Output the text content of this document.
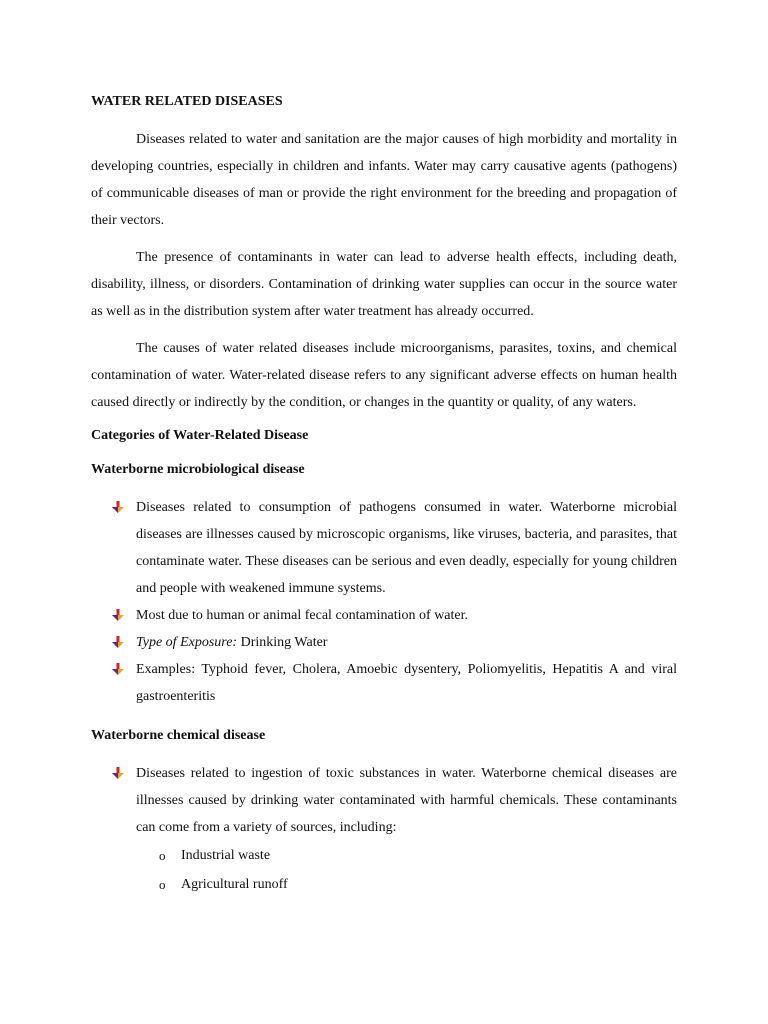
WATER RELATED DISEASES

Diseases related to water and sanitation are the major causes of high morbidity and mortality in developing countries, especially in children and infants. Water may carry causative agents (pathogens) of communicable diseases of man or provide the right environment for the breeding and propagation of their vectors.

The presence of contaminants in water can lead to adverse health effects, including death, disability, illness, or disorders. Contamination of drinking water supplies can occur in the source water as well as in the distribution system after water treatment has already occurred.

The causes of water related diseases include microorganisms, parasites, toxins, and chemical contamination of water. Water-related disease refers to any significant adverse effects on human health caused directly or indirectly by the condition, or changes in the quantity or quality, of any waters.

Categories of Water-Related Disease
Waterborne microbiological disease
Diseases related to consumption of pathogens consumed in water. Waterborne microbial diseases are illnesses caused by microscopic organisms, like viruses, bacteria, and parasites, that contaminate water. These diseases can be serious and even deadly, especially for young children and people with weakened immune systems.
Most due to human or animal fecal contamination of water.
Type of Exposure: Drinking Water
Examples: Typhoid fever, Cholera, Amoebic dysentery, Poliomyelitis, Hepatitis A and viral gastroenteritis
Waterborne chemical disease
Diseases related to ingestion of toxic substances in water. Waterborne chemical diseases are illnesses caused by drinking water contaminated with harmful chemicals. These contaminants can come from a variety of sources, including:
o Industrial waste
o Agricultural runoff
